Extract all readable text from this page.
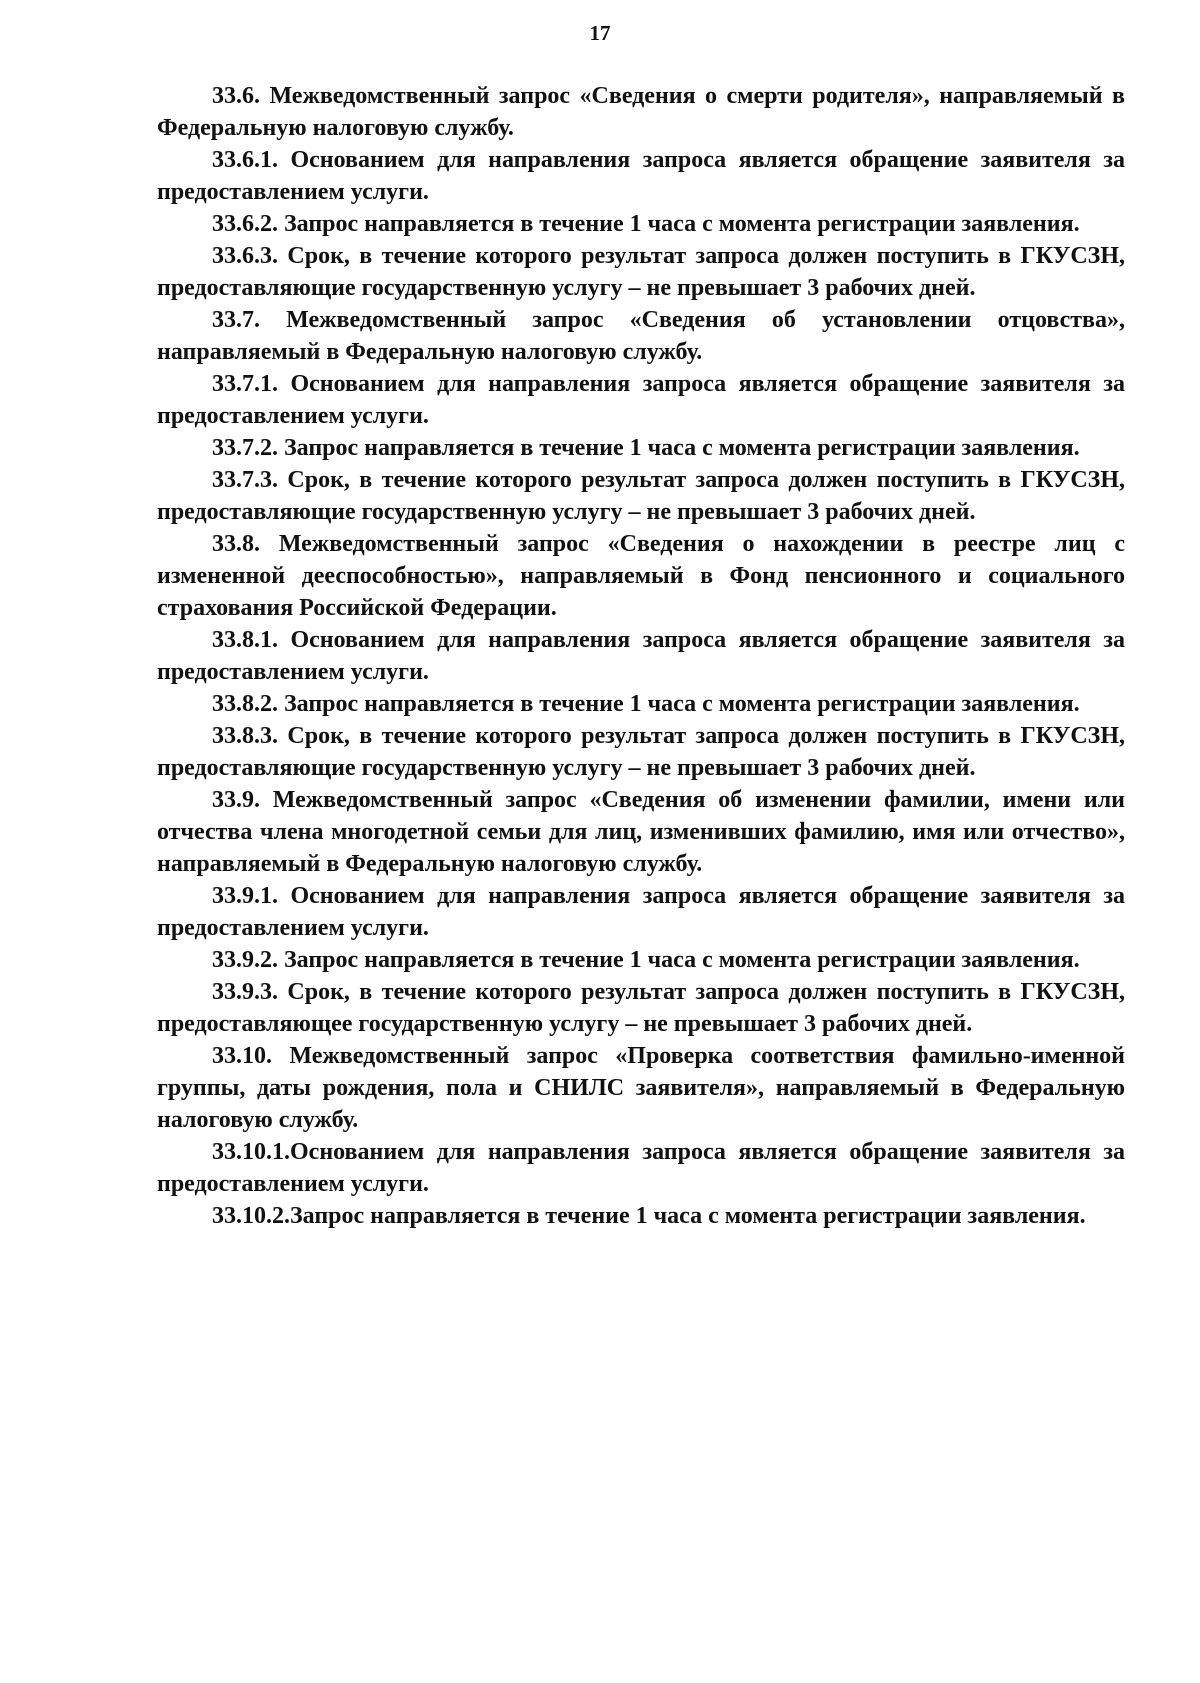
17

33.6. Межведомственный запрос «Сведения о смерти родителя», направляемый в Федеральную налоговую службу.

33.6.1. Основанием для направления запроса является обращение заявителя за предоставлением услуги.

33.6.2. Запрос направляется в течение 1 часа с момента регистрации заявления.

33.6.3. Срок, в течение которого результат запроса должен поступить в ГКУСЗН, предоставляющие государственную услугу – не превышает 3 рабочих дней.

33.7. Межведомственный запрос «Сведения об установлении отцовства», направляемый в Федеральную налоговую службу.

33.7.1. Основанием для направления запроса является обращение заявителя за предоставлением услуги.

33.7.2. Запрос направляется в течение 1 часа с момента регистрации заявления.

33.7.3. Срок, в течение которого результат запроса должен поступить в ГКУСЗН, предоставляющие государственную услугу – не превышает 3 рабочих дней.

33.8. Межведомственный запрос «Сведения о нахождении в реестре лиц с измененной дееспособностью», направляемый в Фонд пенсионного и социального страхования Российской Федерации.

33.8.1. Основанием для направления запроса является обращение заявителя за предоставлением услуги.

33.8.2. Запрос направляется в течение 1 часа с момента регистрации заявления.

33.8.3. Срок, в течение которого результат запроса должен поступить в ГКУСЗН, предоставляющие государственную услугу – не превышает 3 рабочих дней.

33.9. Межведомственный запрос «Сведения об изменении фамилии, имени или отчества члена многодетной семьи для лиц, изменивших фамилию, имя или отчество», направляемый в Федеральную налоговую службу.

33.9.1. Основанием для направления запроса является обращение заявителя за предоставлением услуги.

33.9.2. Запрос направляется в течение 1 часа с момента регистрации заявления.

33.9.3. Срок, в течение которого результат запроса должен поступить в ГКУСЗН, предоставляющее государственную услугу – не превышает 3 рабочих дней.

33.10. Межведомственный запрос «Проверка соответствия фамильно-именной группы, даты рождения, пола и СНИЛС заявителя», направляемый в Федеральную налоговую службу.

33.10.1.Основанием для направления запроса является обращение заявителя за предоставлением услуги.

33.10.2.Запрос направляется в течение 1 часа с момента регистрации заявления.
